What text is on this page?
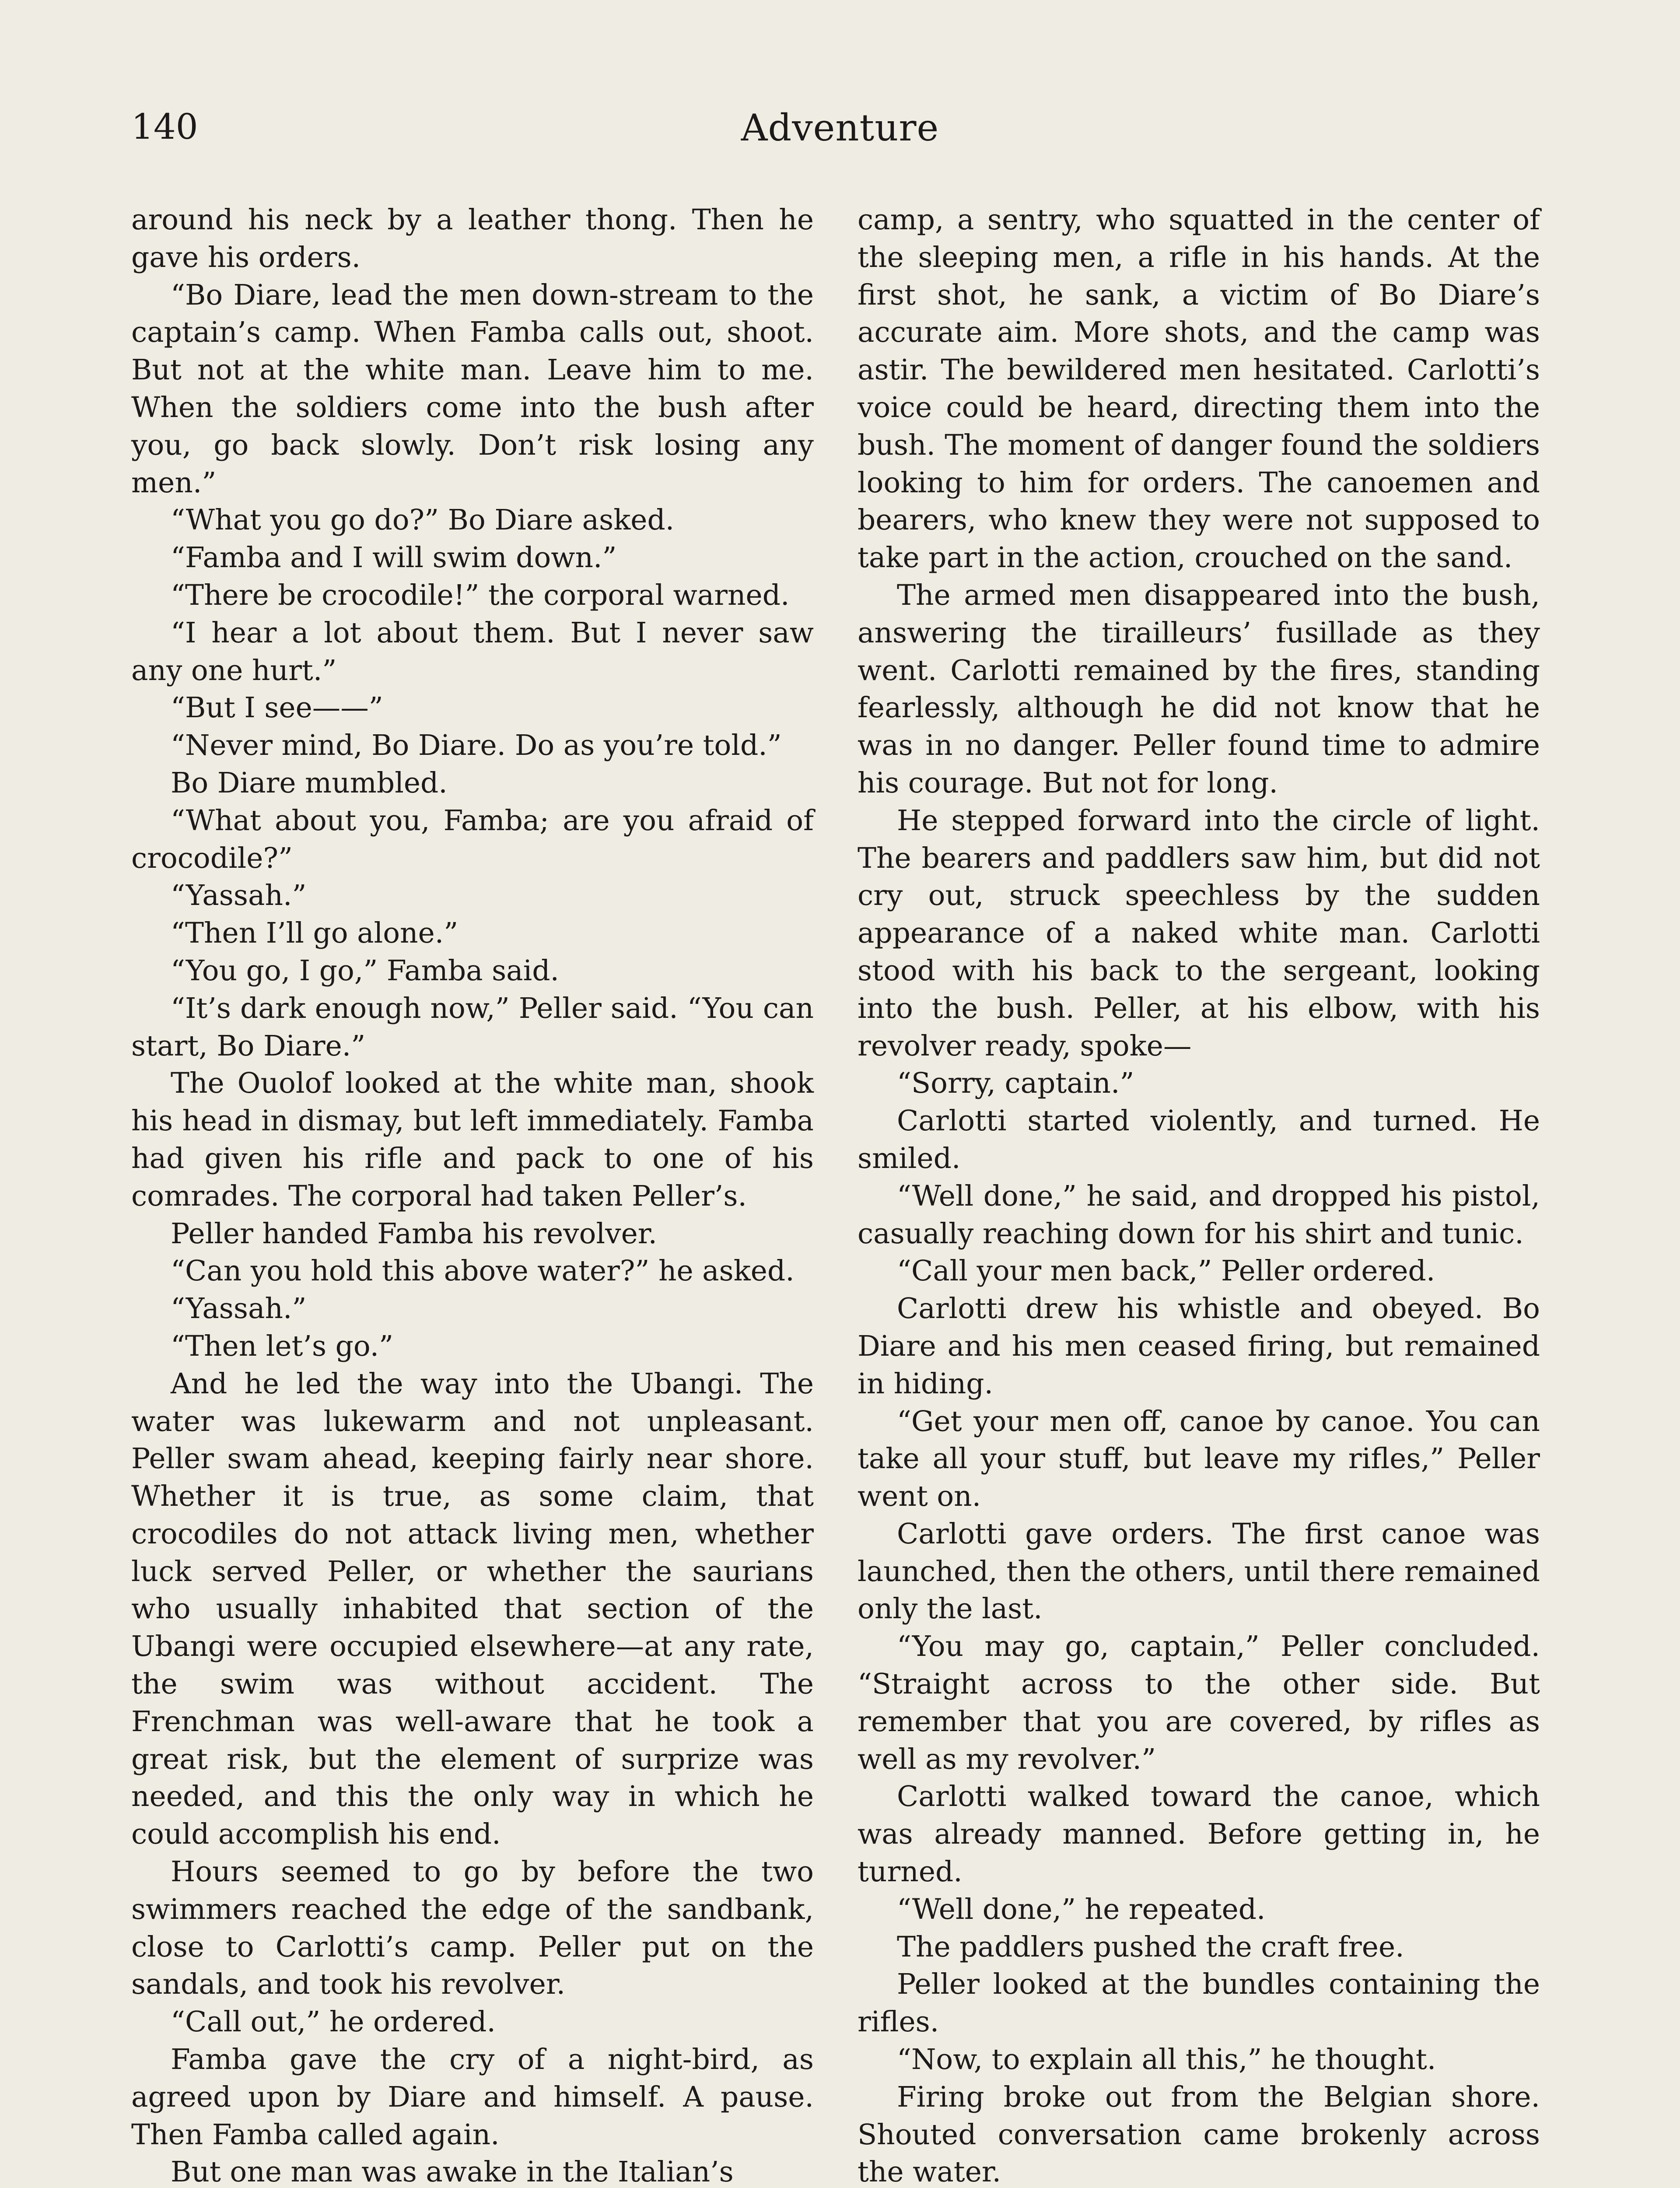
140	Adventure

around his neck by a leather thong. Then he gave his orders.

“Bo Diare, lead the men down-stream to the captain’s camp. When Famba calls out, shoot. But not at the white man. Leave him to me. When the soldiers come into the bush after you, go back slowly. Don’t risk losing any men.”

“What you go do?” Bo Diare asked.

“Famba and I will swim down.”

“There be crocodile!” the corporal warned.

“I hear a lot about them. But I never saw any one hurt.”

“But I see——”

“Never mind, Bo Diare. Do as you’re told.”

Bo Diare mumbled.

“What about you, Famba; are you afraid of crocodile?”

“Yassah.”

“Then I’ll go alone.”

“You go, I go,” Famba said.

“It’s dark enough now,” Peller said. “You can start, Bo Diare.”

The Ouolof looked at the white man, shook his head in dismay, but left immediately. Famba had given his rifle and pack to one of his comrades. The corporal had taken Peller’s.

Peller handed Famba his revolver.

“Can you hold this above water?” he asked.

“Yassah.”

“Then let’s go.”

And he led the way into the Ubangi. The water was lukewarm and not unpleasant. Peller swam ahead, keeping fairly near shore. Whether it is true, as some claim, that crocodiles do not attack living men, whether luck served Peller, or whether the saurians who usually inhabited that section of the Ubangi were occupied elsewhere—at any rate, the swim was without accident. The Frenchman was well-aware that he took a great risk, but the element of surprize was needed, and this the only way in which he could accomplish his end.

Hours seemed to go by before the two swimmers reached the edge of the sandbank, close to Carlotti’s camp. Peller put on the sandals, and took his revolver.

“Call out,” he ordered.

Famba gave the cry of a night-bird, as agreed upon by Diare and himself. A pause. Then Famba called again.

But one man was awake in the Italian’s

camp, a sentry, who squatted in the center of the sleeping men, a rifle in his hands. At the first shot, he sank, a victim of Bo Diare’s accurate aim. More shots, and the camp was astir. The bewildered men hesitated. Carlotti’s voice could be heard, directing them into the bush. The moment of danger found the soldiers looking to him for orders. The canoemen and bearers, who knew they were not supposed to take part in the action, crouched on the sand.

The armed men disappeared into the bush, answering the tirailleurs’ fusillade as they went. Carlotti remained by the fires, standing fearlessly, although he did not know that he was in no danger. Peller found time to admire his courage. But not for long.

He stepped forward into the circle of light. The bearers and paddlers saw him, but did not cry out, struck speechless by the sudden appearance of a naked white man. Carlotti stood with his back to the sergeant, looking into the bush. Peller, at his elbow, with his revolver ready, spoke—

“Sorry, captain.”

Carlotti started violently, and turned. He smiled.

“Well done,” he said, and dropped his pistol, casually reaching down for his shirt and tunic.

“Call your men back,” Peller ordered.

Carlotti drew his whistle and obeyed. Bo Diare and his men ceased firing, but remained in hiding.

“Get your men off, canoe by canoe. You can take all your stuff, but leave my rifles,” Peller went on.

Carlotti gave orders. The first canoe was launched, then the others, until there remained only the last.

“You may go, captain,” Peller concluded. “Straight across to the other side. But remember that you are covered, by rifles as well as my revolver.”

Carlotti walked toward the canoe, which was already manned. Before getting in, he turned.

“Well done,” he repeated.

The paddlers pushed the craft free.

Peller looked at the bundles containing the rifles.

“Now, to explain all this,” he thought.

Firing broke out from the Belgian shore. Shouted conversation came brokenly across the water.
